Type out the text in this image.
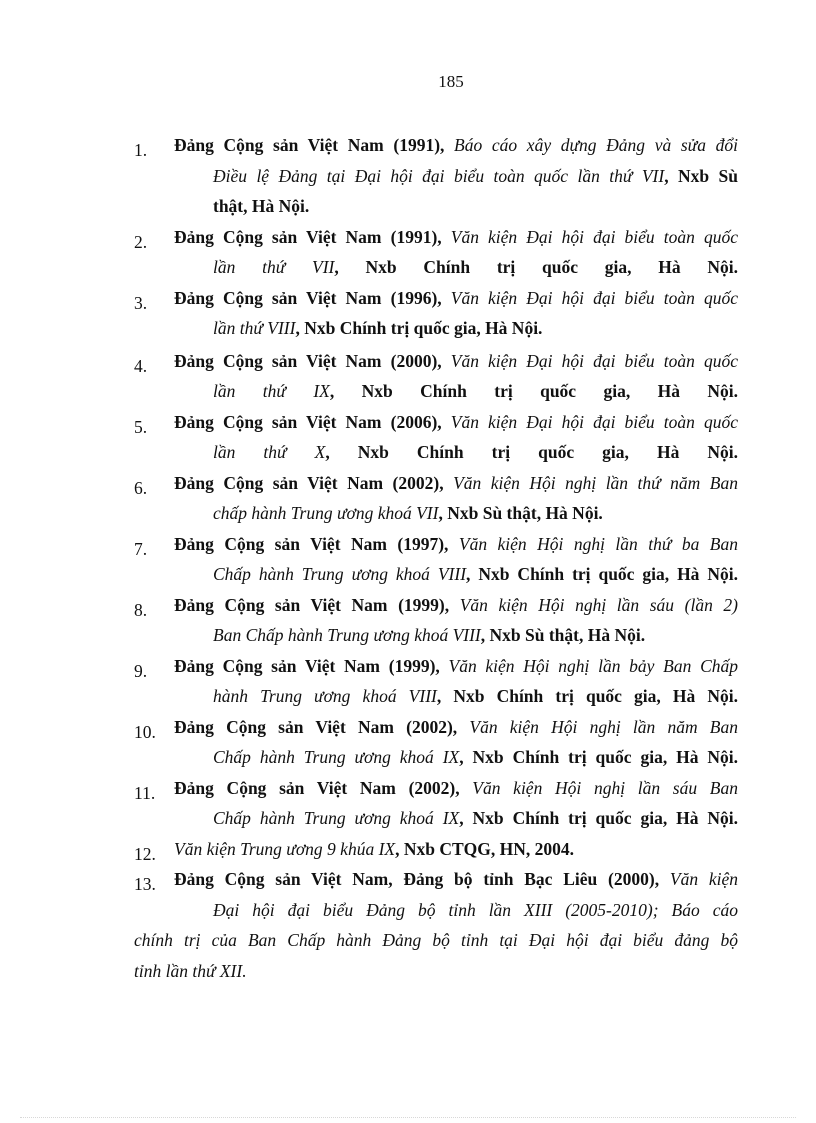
185
1.	Đảng Cộng sản Việt Nam (1991), Báo cáo xây dựng Đảng và sửa đổi
Điều lệ Đảng tại Đại hội đại biểu toàn quốc lần thứ VII, Nxb Sù
thật, Hà Nội.
2.	Đảng Cộng sản Việt Nam (1991), Văn kiện Đại hội đại biểu toàn quốc
lần thứ VII, Nxb Chính trị quốc gia, Hà Nội.
3.	Đảng Cộng sản Việt Nam (1996), Văn kiện Đại hội đại biểu toàn quốc
lần thứ VIII, Nxb Chính trị quốc gia, Hà Nội.
4.	Đảng Cộng sản Việt Nam (2000), Văn kiện Đại hội đại biểu toàn quốc
lần thứ IX, Nxb Chính trị quốc gia, Hà Nội.
5.	Đảng Cộng sản Việt Nam (2006), Văn kiện Đại hội đại biểu toàn quốc
lần thứ X, Nxb Chính trị quốc gia, Hà Nội.
6.	Đảng Cộng sản Việt Nam (2002), Văn kiện Hội nghị lần thứ năm Ban
chấp hành Trung ương khoá VII, Nxb Sù thật, Hà Nội.
7.	Đảng Cộng sản Việt Nam (1997), Văn kiện Hội nghị lần thứ ba Ban
Chấp hành Trung ương khoá VIII, Nxb Chính trị quốc gia, Hà Nội.
8.	Đảng Cộng sản Việt Nam (1999), Văn kiện Hội nghị lần sáu (lần 2)
Ban Chấp hành Trung ương khoá VIII, Nxb Sù thật, Hà Nội.
9.	Đảng Cộng sản Việt Nam (1999), Văn kiện Hội nghị lần bảy Ban Chấp
hành Trung ương khoá VIII, Nxb Chính trị quốc gia, Hà Nội.
10.	Đảng Cộng sản Việt Nam (2002), Văn kiện Hội nghị lần năm Ban
Chấp hành Trung ương khoá IX, Nxb Chính trị quốc gia, Hà Nội.
11.	Đảng Cộng sản Việt Nam (2002), Văn kiện Hội nghị lần sáu Ban
Chấp hành Trung ương khoá IX, Nxb Chính trị quốc gia, Hà Nội.
12.	Văn kiện Trung ương 9 khúa IX, Nxb CTQG, HN, 2004.
13.	Đảng Cộng sản Việt Nam, Đảng bộ tỉnh Bạc Liêu (2000), Văn kiện
Đại hội đại biểu Đảng bộ tỉnh lần XIII (2005-2010); Báo cáo
chính trị của Ban Chấp hành Đảng bộ tỉnh tại Đại hội đại biểu đảng bộ
tỉnh lần thứ XII.
